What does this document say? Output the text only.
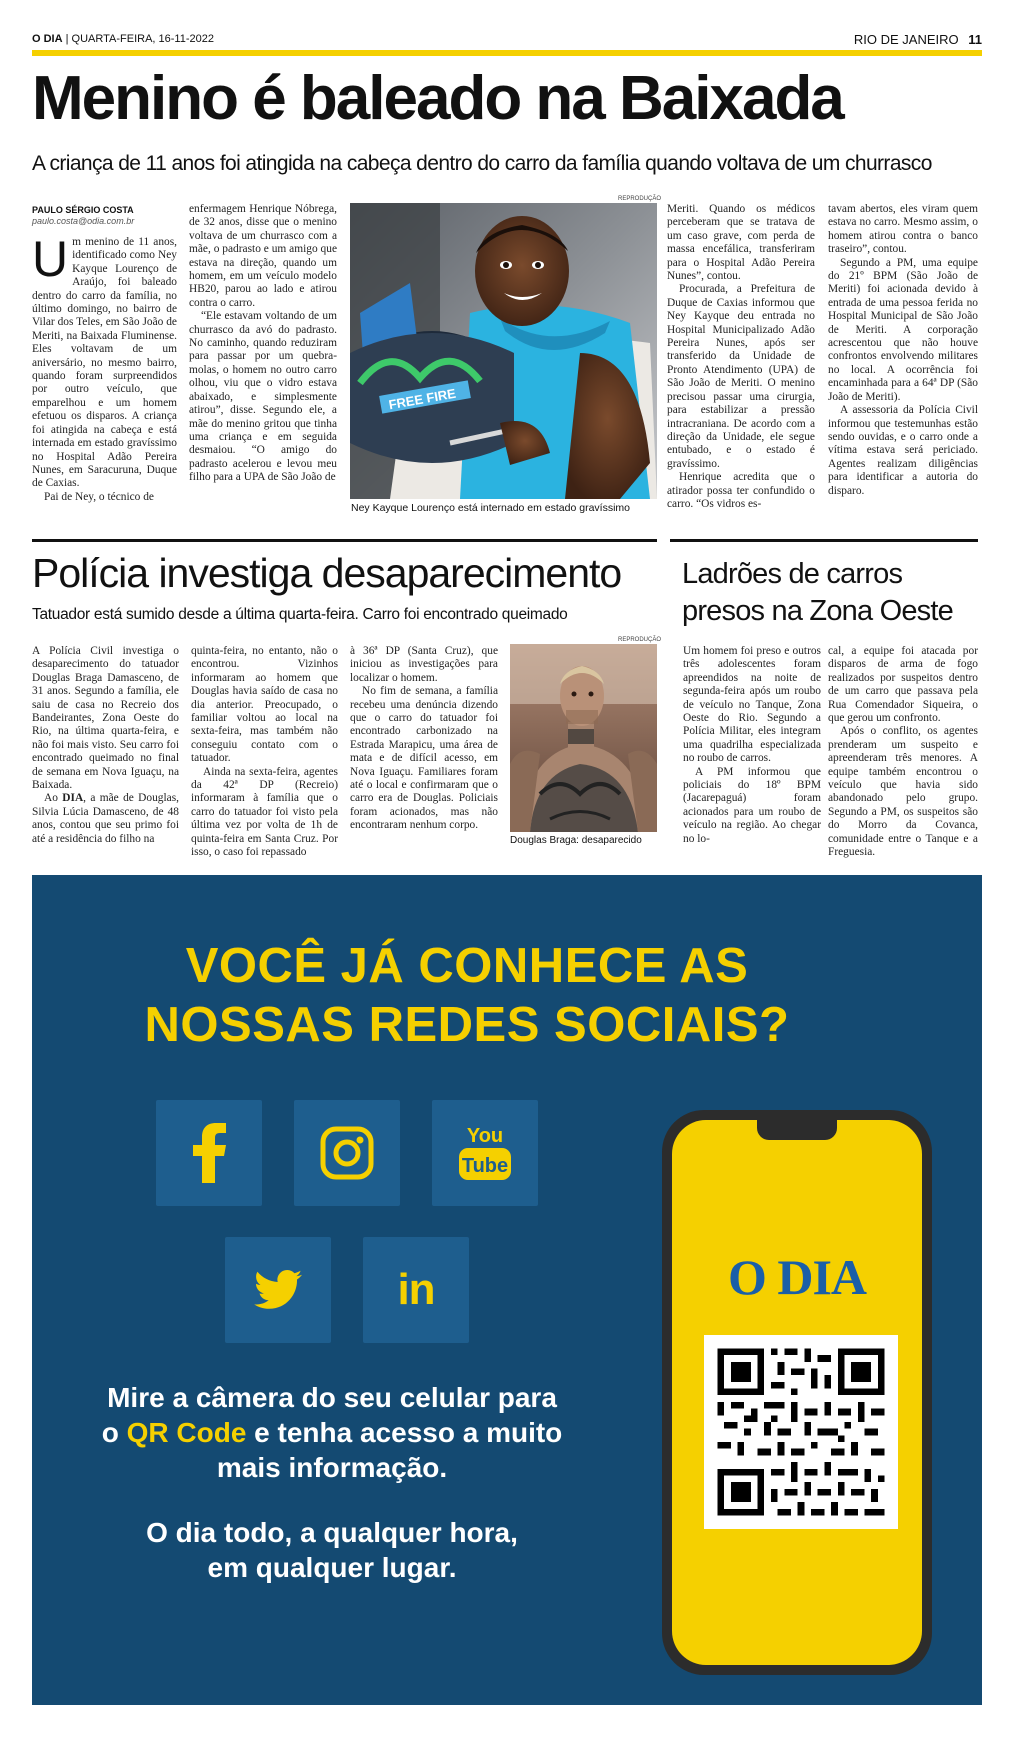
O DIA | QUARTA-FEIRA, 16-11-2022	RIO DE JANEIRO 11
Menino é baleado na Baixada
A criança de 11 anos foi atingida na cabeça dentro do carro da família quando voltava de um churrasco
PAULO SÉRGIO COSTA
paulo.costa@odia.com.br
U m menino de 11 anos, identificado como Ney Kayque Lourenço de Araújo, foi baleado dentro do carro da família, no último domingo, no bairro de Vilar dos Teles, em São João de Meriti, na Baixada Fluminense. Eles voltavam de um aniversário, no mesmo bairro, quando foram surpreendidos por outro veículo, que emparelhou e um homem efetuou os disparos. A criança foi atingida na cabeça e está internada em estado gravíssimo no Hospital Adão Pereira Nunes, em Saracuruna, Duque de Caxias.
Pai de Ney, o técnico de
enfermagem Henrique Nóbrega, de 32 anos, disse que o menino voltava de um churrasco com a mãe, o padrasto e um amigo que estava na direção, quando um homem, em um veículo modelo HB20, parou ao lado e atirou contra o carro.
“Ele estavam voltando de um churrasco da avó do padrasto. No caminho, quando reduziram para passar por um quebra-molas, o homem no outro carro olhou, viu que o vidro estava abaixado, e simplesmente atirou”, disse. Segundo ele, a mãe do menino gritou que tinha uma criança e em seguida desmaiou. “O amigo do padrasto acelerou e levou meu filho para a UPA de São João de
REPRODUÇÃO
FREE FIRE
Ney Kayque Lourenço está internado em estado gravíssimo
Meriti. Quando os médicos perceberam que se tratava de um caso grave, com perda de massa encefálica, transferiram para o Hospital Adão Pereira Nunes”, contou.
Procurada, a Prefeitura de Duque de Caxias informou que Ney Kayque deu entrada no Hospital Municipalizado Adão Pereira Nunes, após ser transferido da Unidade de Pronto Atendimento (UPA) de São João de Meriti. O menino precisou passar uma cirurgia, para estabilizar a pressão intracraniana. De acordo com a direção da Unidade, ele segue entubado, e o estado é gravíssimo.
Henrique acredita que o atirador possa ter confundido o carro. “Os vidros es-
tavam abertos, eles viram quem estava no carro. Mesmo assim, o homem atirou contra o banco traseiro”, contou.
Segundo a PM, uma equipe do 21º BPM (São João de Meriti) foi acionada devido à entrada de uma pessoa ferida no Hospital Municipal de São João de Meriti. A corporação acrescentou que não houve confrontos envolvendo militares no local. A ocorrência foi encaminhada para a 64ª DP (São João de Meriti).
A assessoria da Polícia Civil informou que testemunhas estão sendo ouvidas, e o carro onde a vítima estava será periciado. Agentes realizam diligências para identificar a autoria do disparo.
Polícia investiga desaparecimento
Tatuador está sumido desde a última quarta-feira. Carro foi encontrado queimado
A Polícia Civil investiga o desaparecimento do tatuador Douglas Braga Damasceno, de 31 anos. Segundo a família, ele saiu de casa no Recreio dos Bandeirantes, Zona Oeste do Rio, na última quarta-feira, e não foi mais visto. Seu carro foi encontrado queimado no final de semana em Nova Iguaçu, na Baixada.
Ao DIA, a mãe de Douglas, Silvia Lúcia Damasceno, de 48 anos, contou que seu primo foi até a residência do filho na
quinta-feira, no entanto, não o encontrou. Vizinhos informaram ao homem que Douglas havia saído de casa no dia anterior. Preocupado, o familiar voltou ao local na sexta-feira, mas também não conseguiu contato com o tatuador.
Ainda na sexta-feira, agentes da 42ª DP (Recreio) informaram à família que o carro do tatuador foi visto pela última vez por volta de 1h de quinta-feira em Santa Cruz. Por isso, o caso foi repassado
à 36ª DP (Santa Cruz), que iniciou as investigações para localizar o homem.
No fim de semana, a família recebeu uma denúncia dizendo que o carro do tatuador foi encontrado carbonizado na Estrada Marapicu, uma área de mata e de difícil acesso, em Nova Iguaçu. Familiares foram até o local e confirmaram que o carro era de Douglas. Policiais foram acionados, mas não encontraram nenhum corpo.
REPRODUÇÃO
Douglas Braga: desaparecido
Ladrões de carros
presos na Zona Oeste
Um homem foi preso e outros três adolescentes foram apreendidos na noite de segunda-feira após um roubo de veículo no Tanque, Zona Oeste do Rio. Segundo a Polícia Militar, eles integram uma quadrilha especializada no roubo de carros.
A PM informou que policiais do 18º BPM (Jacarepaguá) foram acionados para um roubo de veículo na região. Ao chegar no lo-
cal, a equipe foi atacada por disparos de arma de fogo realizados por suspeitos dentro de um carro que passava pela Rua Comendador Siqueira, o que gerou um confronto.
Após o conflito, os agentes prenderam um suspeito e apreenderam três menores. A equipe também encontrou o veículo que havia sido abandonado pelo grupo. Segundo a PM, os suspeitos são do Morro da Covanca, comunidade entre o Tanque e a Freguesia.
VOCÊ JÁ CONHECE AS
NOSSAS REDES SOCIAIS?
You
Tube
in
Mire a câmera do seu celular para
o QR Code e tenha acesso a muito
mais informação.
O dia todo, a qualquer hora,
em qualquer lugar.
O DIA
